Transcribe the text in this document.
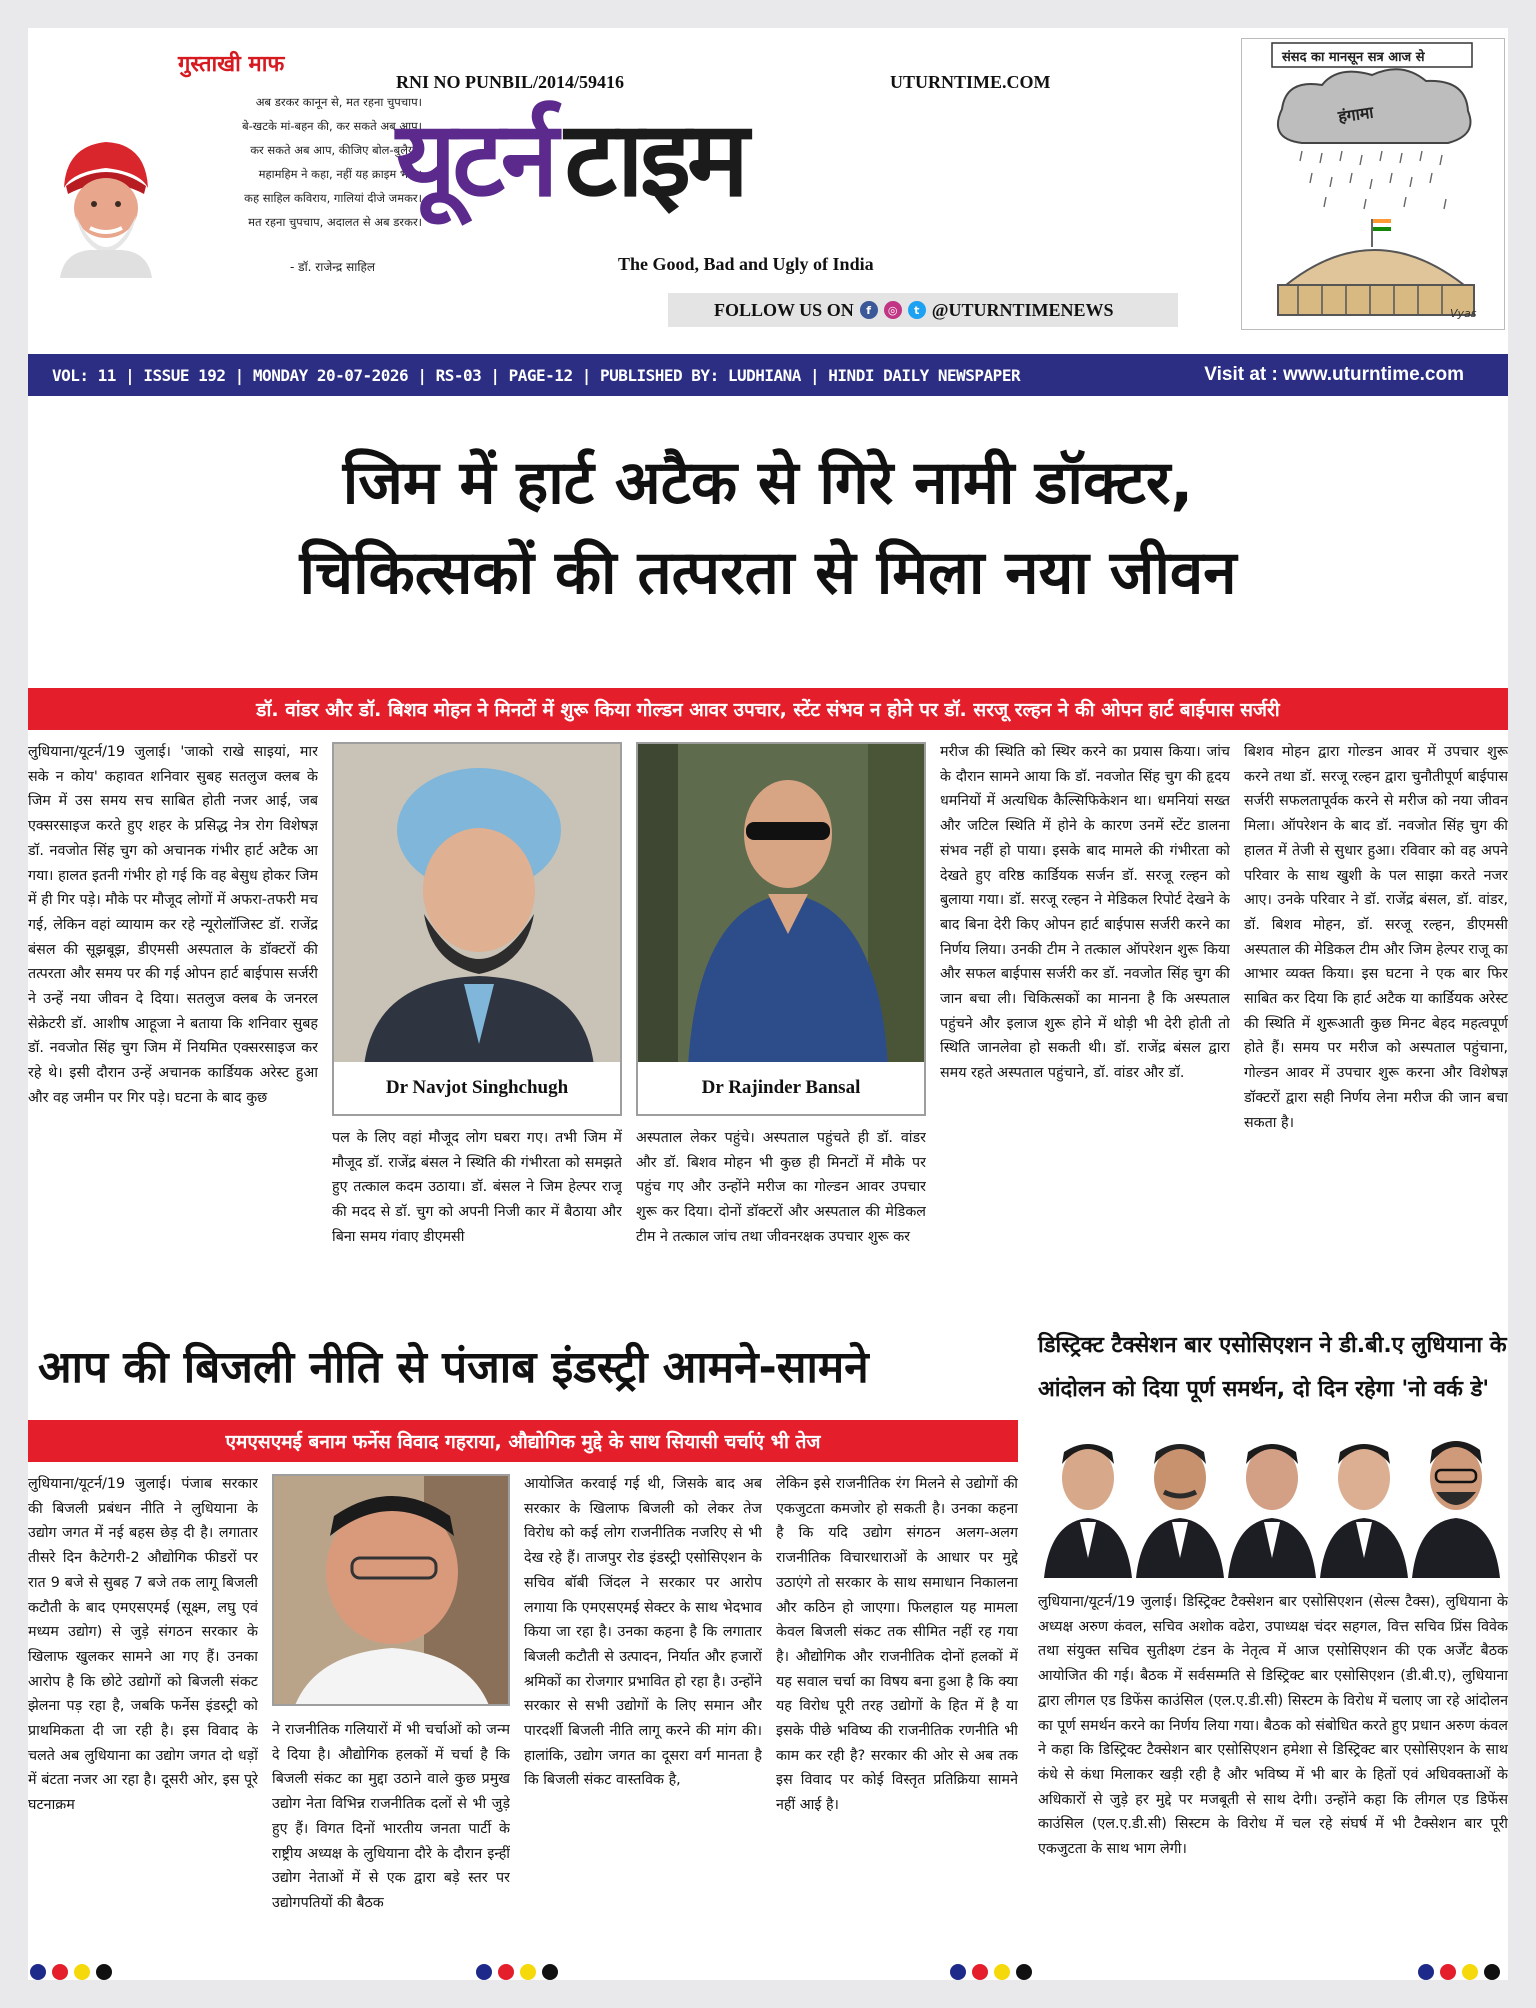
गुस्ताखी माफ
अब डरकर कानून से, मत रहना चुपचाप।
बे-खटके मां-बहन की, कर सकते अब आप।
कर सकते अब आप, कीजिए बोल-बुलैया।
महामहिम ने कहा, नहीं यह क्राइम भैया।
कह साहिल कविराय, गालियां दीजे जमकर।
मत रहना चुपचाप, अदालत से अब डरकर।
- डॉ. राजेन्द्र साहिल
RNI NO PUNBIL/2014/59416	UTURNTIME.COM
यूटर्नटाइम
The Good, Bad and Ugly of India
FOLLOW US ON	f	◎	t @UTURNTIMENEWS
संसद का मानसून सत्र आज से
हंगामा
Vyas
VOL: 11 | ISSUE 192 | MONDAY 20-07-2026 | RS-03 | PAGE-12 | PUBLISHED BY: LUDHIANA | HINDI DAILY NEWSPAPER	Visit at : www.uturntime.com
जिम में हार्ट अटैक से गिरे नामी डॉक्टर,
चिकित्सकों की तत्परता से मिला नया जीवन
डॉ. वांडर और डॉ. बिशव मोहन ने मिनटों में शुरू किया गोल्डन आवर उपचार, स्टेंट संभव न होने पर डॉ. सरजू रल्हन ने की ओपन हार्ट बाईपास सर्जरी

लुधियाना/यूटर्न/19 जुलाई। 'जाको राखे साइयां, मार सके न कोय' कहावत शनिवार सुबह सतलुज क्लब के जिम में उस समय सच साबित होती नजर आई, जब एक्सरसाइज करते हुए शहर के प्रसिद्ध नेत्र रोग विशेषज्ञ डॉ. नवजोत सिंह चुग को अचानक गंभीर हार्ट अटैक आ गया। हालत इतनी गंभीर हो गई कि वह बेसुध होकर जिम में ही गिर पड़े। मौके पर मौजूद लोगों में अफरा-तफरी मच गई, लेकिन वहां व्यायाम कर रहे न्यूरोलॉजिस्ट डॉ. राजेंद्र बंसल की सूझबूझ, डीएमसी अस्पताल के डॉक्टरों की तत्परता और समय पर की गई ओपन हार्ट बाईपास सर्जरी ने उन्हें नया जीवन दे दिया। सतलुज क्लब के जनरल सेक्रेटरी डॉ. आशीष आहूजा ने बताया कि शनिवार सुबह डॉ. नवजोत सिंह चुग जिम में नियमित एक्सरसाइज कर रहे थे। इसी दौरान उन्हें अचानक कार्डियक अरेस्ट हुआ और वह जमीन पर गिर पड़े। घटना के बाद कुछ	Dr Navjot Singhchugh

पल के लिए वहां मौजूद लोग घबरा गए। तभी जिम में मौजूद डॉ. राजेंद्र बंसल ने स्थिति की गंभीरता को समझते हुए तत्काल कदम उठाया। डॉ. बंसल ने जिम हेल्पर राजू की मदद से डॉ. चुग को अपनी निजी कार में बैठाया और बिना समय गंवाए डीएमसी

Dr Rajinder Bansal

अस्पताल लेकर पहुंचे। अस्पताल पहुंचते ही डॉ. वांडर और डॉ. बिशव मोहन भी कुछ ही मिनटों में मौके पर पहुंच गए और उन्होंने मरीज का गोल्डन आवर उपचार शुरू कर दिया। दोनों डॉक्टरों और अस्पताल की मेडिकल टीम ने तत्काल जांच तथा जीवनरक्षक उपचार शुरू कर

मरीज की स्थिति को स्थिर करने का प्रयास किया। जांच के दौरान सामने आया कि डॉ. नवजोत सिंह चुग की हृदय धमनियों में अत्यधिक कैल्सिफिकेशन था। धमनियां सख्त और जटिल स्थिति में होने के कारण उनमें स्टेंट डालना संभव नहीं हो पाया। इसके बाद मामले की गंभीरता को देखते हुए वरिष्ठ कार्डियक सर्जन डॉ. सरजू रल्हन को बुलाया गया। डॉ. सरजू रल्हन ने मेडिकल रिपोर्ट देखने के बाद बिना देरी किए ओपन हार्ट बाईपास सर्जरी करने का निर्णय लिया। उनकी टीम ने तत्काल ऑपरेशन शुरू किया और सफल बाईपास सर्जरी कर डॉ. नवजोत सिंह चुग की जान बचा ली। चिकित्सकों का मानना है कि अस्पताल पहुंचने और इलाज शुरू होने में थोड़ी भी देरी होती तो स्थिति जानलेवा हो सकती थी। डॉ. राजेंद्र बंसल द्वारा समय रहते अस्पताल पहुंचाने, डॉ. वांडर और डॉ.

बिशव मोहन द्वारा गोल्डन आवर में उपचार शुरू करने तथा डॉ. सरजू रल्हन द्वारा चुनौतीपूर्ण बाईपास सर्जरी सफलतापूर्वक करने से मरीज को नया जीवन मिला। ऑपरेशन के बाद डॉ. नवजोत सिंह चुग की हालत में तेजी से सुधार हुआ। रविवार को वह अपने परिवार के साथ खुशी के पल साझा करते नजर आए। उनके परिवार ने डॉ. राजेंद्र बंसल, डॉ. वांडर, डॉ. बिशव मोहन, डॉ. सरजू रल्हन, डीएमसी अस्पताल की मेडिकल टीम और जिम हेल्पर राजू का आभार व्यक्त किया। इस घटना ने एक बार फिर साबित कर दिया कि हार्ट अटैक या कार्डियक अरेस्ट की स्थिति में शुरूआती कुछ मिनट बेहद महत्वपूर्ण होते हैं। समय पर मरीज को अस्पताल पहुंचाना, गोल्डन आवर में उपचार शुरू करना और विशेषज्ञ डॉक्टरों द्वारा सही निर्णय लेना मरीज की जान बचा सकता है।

आप की बिजली नीति से पंजाब इंडस्ट्री आमने-सामने
एमएसएमई बनाम फर्नेस विवाद गहराया, औद्योगिक मुद्दे के साथ सियासी चर्चाएं भी तेज

लुधियाना/यूटर्न/19 जुलाई। पंजाब सरकार की बिजली प्रबंधन नीति ने लुधियाना के उद्योग जगत में नई बहस छेड़ दी है। लगातार तीसरे दिन कैटेगरी-2 औद्योगिक फीडरों पर रात 9 बजे से सुबह 7 बजे तक लागू बिजली कटौती के बाद एमएसएमई (सूक्ष्म, लघु एवं मध्यम उद्योग) से जुड़े संगठन सरकार के खिलाफ खुलकर सामने आ गए हैं। उनका आरोप है कि छोटे उद्योगों को बिजली संकट झेलना पड़ रहा है, जबकि फर्नेस इंडस्ट्री को प्राथमिकता दी जा रही है। इस विवाद के चलते अब लुधियाना का उद्योग जगत दो धड़ों में बंटता नजर आ रहा है। दूसरी ओर, इस पूरे घटनाक्रम

ने राजनीतिक गलियारों में भी चर्चाओं को जन्म दे दिया है। औद्योगिक हलकों में चर्चा है कि बिजली संकट का मुद्दा उठाने वाले कुछ प्रमुख उद्योग नेता विभिन्न राजनीतिक दलों से भी जुड़े हुए हैं। विगत दिनों भारतीय जनता पार्टी के राष्ट्रीय अध्यक्ष के लुधियाना दौरे के दौरान इन्हीं उद्योग नेताओं में से एक द्वारा बड़े स्तर पर उद्योगपतियों की बैठक

आयोजित करवाई गई थी, जिसके बाद अब सरकार के खिलाफ बिजली को लेकर तेज विरोध को कई लोग राजनीतिक नजरिए से भी देख रहे हैं। ताजपुर रोड इंडस्ट्री एसोसिएशन के सचिव बॉबी जिंदल ने सरकार पर आरोप लगाया कि एमएसएमई सेक्टर के साथ भेदभाव किया जा रहा है। उनका कहना है कि लगातार बिजली कटौती से उत्पादन, निर्यात और हजारों श्रमिकों का रोजगार प्रभावित हो रहा है। उन्होंने सरकार से सभी उद्योगों के लिए समान और पारदर्शी बिजली नीति लागू करने की मांग की। हालांकि, उद्योग जगत का दूसरा वर्ग मानता है कि बिजली संकट वास्तविक है,

लेकिन इसे राजनीतिक रंग मिलने से उद्योगों की एकजुटता कमजोर हो सकती है। उनका कहना है कि यदि उद्योग संगठन अलग-अलग राजनीतिक विचारधाराओं के आधार पर मुद्दे उठाएंगे तो सरकार के साथ समाधान निकालना और कठिन हो जाएगा। फिलहाल यह मामला केवल बिजली संकट तक सीमित नहीं रह गया है। औद्योगिक और राजनीतिक दोनों हलकों में यह सवाल चर्चा का विषय बना हुआ है कि क्या यह विरोध पूरी तरह उद्योगों के हित में है या इसके पीछे भविष्य की राजनीतिक रणनीति भी काम कर रही है? सरकार की ओर से अब तक इस विवाद पर कोई विस्तृत प्रतिक्रिया सामने नहीं आई है।

डिस्ट्रिक्ट टैक्सेशन बार एसोसिएशन ने डी.बी.ए लुधियाना के
आंदोलन को दिया पूर्ण समर्थन, दो दिन रहेगा 'नो वर्क डे'

लुधियाना/यूटर्न/19 जुलाई। डिस्ट्रिक्ट टैक्सेशन बार एसोसिएशन (सेल्स टैक्स), लुधियाना के अध्यक्ष अरुण कंवल, सचिव अशोक वढेरा, उपाध्यक्ष चंदर सहगल, वित्त सचिव प्रिंस विवेक तथा संयुक्त सचिव सुतीक्ष्ण टंडन के नेतृत्व में आज एसोसिएशन की एक अर्जेंट बैठक आयोजित की गई। बैठक में सर्वसम्मति से डिस्ट्रिक्ट बार एसोसिएशन (डी.बी.ए), लुधियाना द्वारा लीगल एड डिफेंस काउंसिल (एल.ए.डी.सी) सिस्टम के विरोध में चलाए जा रहे आंदोलन का पूर्ण समर्थन करने का निर्णय लिया गया। बैठक को संबोधित करते हुए प्रधान अरुण कंवल ने कहा कि डिस्ट्रिक्ट टैक्सेशन बार एसोसिएशन हमेशा से डिस्ट्रिक्ट बार एसोसिएशन के साथ कंधे से कंधा मिलाकर खड़ी रही है और भविष्य में भी बार के हितों एवं अधिवक्ताओं के अधिकारों से जुड़े हर मुद्दे पर मजबूती से साथ देगी। उन्होंने कहा कि लीगल एड डिफेंस काउंसिल (एल.ए.डी.सी) सिस्टम के विरोध में चल रहे संघर्ष में भी टैक्सेशन बार पूरी एकजुटता के साथ भाग लेगी।
